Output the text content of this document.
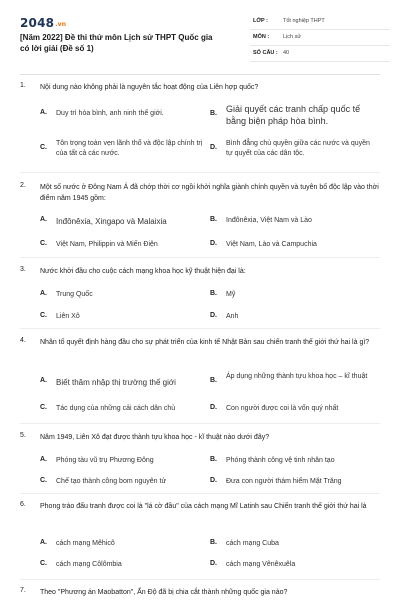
2048.vn
[Năm 2022] Đề thi thử môn Lịch sử THPT Quốc gia có lời giải (Đề số 1)
LỚP :	Tốt nghiệp THPT
MÔN :	Lịch sử
SỐ CÂU : 40
1. Nội dung nào không phải là nguyên tắc hoạt động của Liên hợp quốc?
A. Duy trì hòa bình, anh ninh thế giới.	B. Giải quyết các tranh chấp quốc tế bằng biện pháp hòa bình.
C.
Tôn trọng toàn vẹn lãnh thổ và độc lập chính trị của tất cả các nước.
D.
Bình đẳng chủ quyền giữa các nước và quyền tự quyết của các dân tộc.
2. Một số nước ở Đông Nam Á đã chớp thời cơ ngồi khởi nghĩa giành chính quyền và tuyên bố độc lập vào thời điểm năm 1945 gồm:
A. Inđônêxia, Xingapo và Malaixia	B. Inđônêxia, Việt Nam và Lào
C. Việt Nam, Philippin và Miến Điện	D. Việt Nam, Lào và Campuchia
3. Nước khởi đầu cho cuộc cách mạng khoa học kỹ thuật hiện đại là:
A. Trung Quốc	B. Mỹ
C. Liên Xô	D. Anh
4. Nhân tố quyết định hàng đầu cho sự phát triển của kinh tế Nhật Bản sau chiến tranh thế giới thứ hai là gì?
A. Biết thâm nhập thị trường thế giới	B.
Áp dụng những thành tựu khoa học – kĩ thuật
C. Tác dụng của những cải cách dân chủ	D. Con người được coi là vốn quý nhất
5. Năm 1949, Liên Xô đạt được thành tựu khoa học - kĩ thuật nào dưới đây?
A. Phóng tàu vũ trụ Phương Đông	B. Phóng thành công vệ tinh nhân tạo
C. Chế tạo thành công bom nguyên tử	D. Đưa con người thám hiểm Mặt Trăng
6. Phong trào đấu tranh được coi là "lá cờ đầu" của cách mạng Mĩ Latinh sau Chiến tranh thế giới thứ hai là
A. cách mạng Mêhicô	B. cách mạng Cuba
C. cách mạng Côlômbia	D. cách mạng Vênêxuêla
7. Theo "Phương án Maobatton", Ấn Độ đã bị chia cắt thành những quốc gia nào?
